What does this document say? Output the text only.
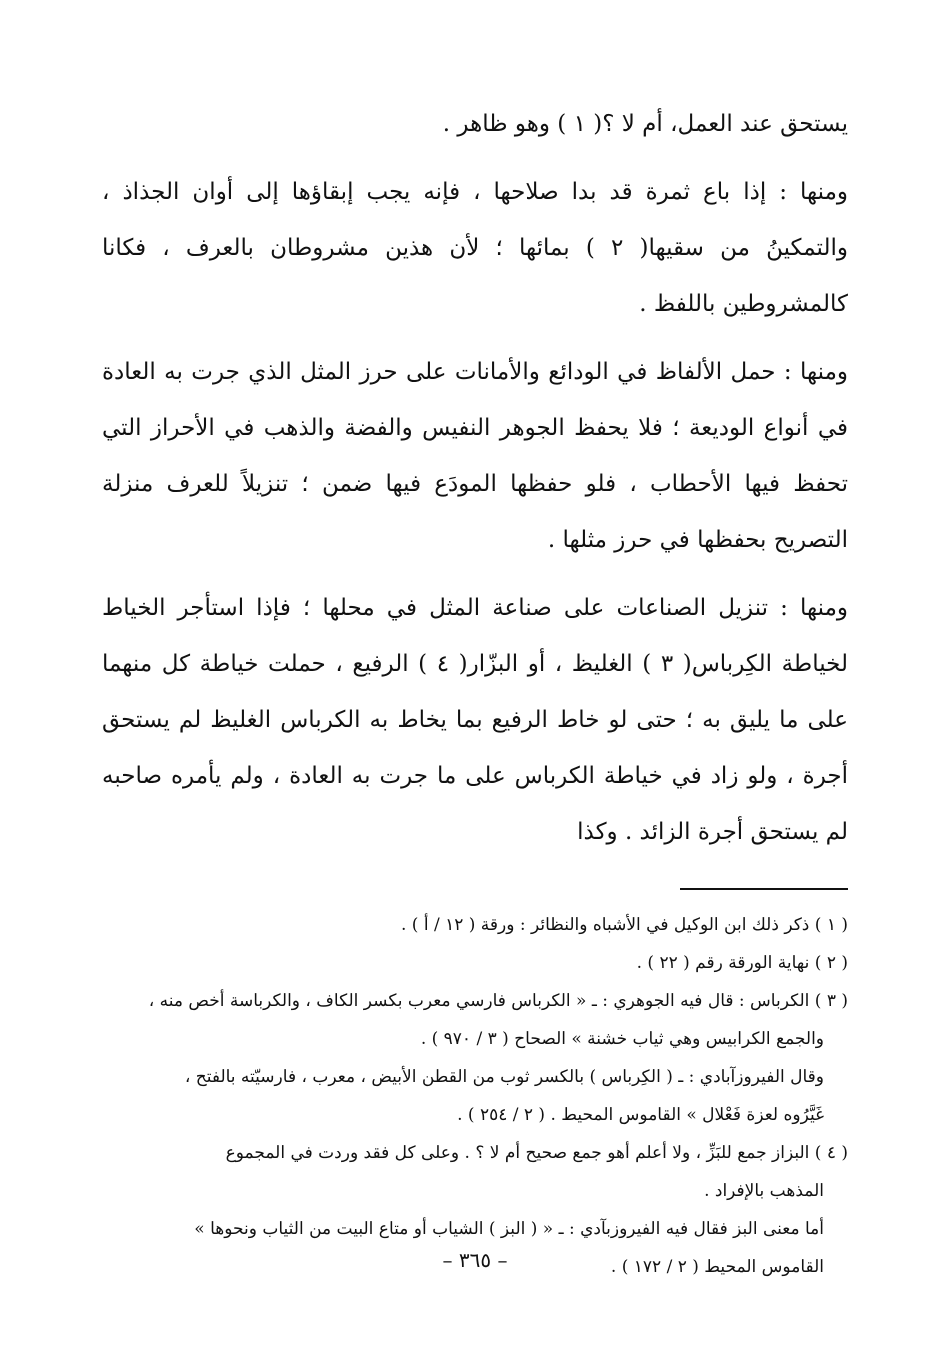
يستحق عند العمل، أم لا ؟( ١ ) وهو ظاهر .

ومنها : إذا باع ثمرة قد بدا صلاحها ، فإنه يجب إبقاؤها إلى أوان الجذاذ ، والتمكينُ من سقيها( ٢ ) بمائها ؛ لأن هذين مشروطان بالعرف ، فكانا كالمشروطين باللفظ .

ومنها : حمل الألفاظ في الودائع والأمانات على حرز المثل الذي جرت به العادة في أنواع الوديعة ؛ فلا يحفظ الجوهر النفيس والفضة والذهب في الأحراز التي تحفظ فيها الأحطاب ، فلو حفظها المودَع فيها ضمن ؛ تنزيلاً للعرف منزلة التصريح بحفظها في حرز مثلها .

ومنها : تنزيل الصناعات على صناعة المثل في محلها ؛ فإذا استأجر الخياط لخياطة الكِرباس( ٣ ) الغليظ ، أو البزّار( ٤ ) الرفيع ، حملت خياطة كل منهما على ما يليق به ؛ حتى لو خاط الرفيع بما يخاط به الكرباس الغليظ لم يستحق أجرة ، ولو زاد في خياطة الكرباس على ما جرت به العادة ، ولم يأمره صاحبه لم يستحق أجرة الزائد . وكذا

( ١ ) ذكر ذلك ابن الوكيل في الأشباه والنظائر : ورقة ( ١٢ / أ ) .

( ٢ ) نهاية الورقة رقم ( ٢٢ ) .

( ٣ ) الكرباس : قال فيه الجوهري : ـ « الكرباس فارسي معرب بكسر الكاف ، والكرباسة أخص منه ،

والجمع الكرابيس وهي ثياب خشنة » الصحاح ( ٣ / ٩٧٠ ) .

وقال الفيروزآبادي : ـ ( الكِرباس ) بالكسر ثوب من القطن الأبيض ، معرب ، فارسيّته بالفتح ،

غَيَّرُوه لعزة فَعْلال » القاموس المحيط . ( ٢ / ٢٥٤ ) .

( ٤ ) البزاز جمع للبَزِّ ، ولا أعلم أهو جمع صحيح أم لا ؟ . وعلى كل فقد وردت في المجموع

المذهب بالإفراد .

أما معنى البز فقال فيه الفيروزبآدي : ـ « ( البز ) الشياب أو متاع البيت من الثياب ونحوها »

القاموس المحيط ( ٢ / ١٧٢ ) .

– ٣٦٥ –
